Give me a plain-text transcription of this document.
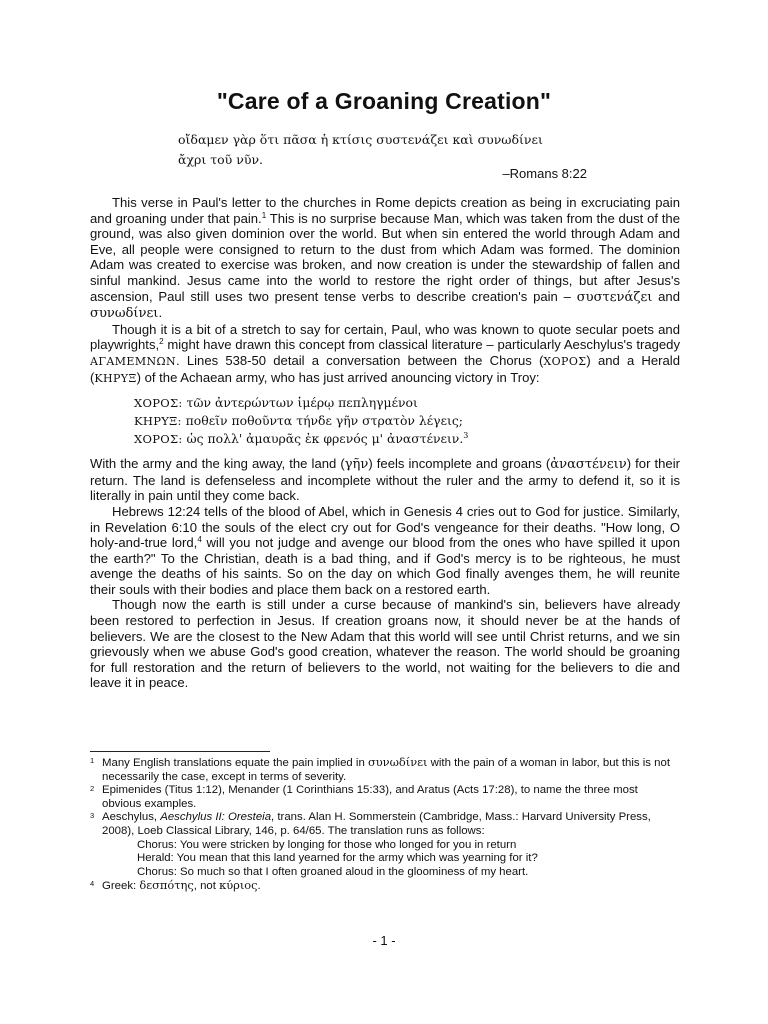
"Care of a Groaning Creation"
οἴδαμεν γὰρ ὅτι πᾶσα ἡ κτίσις συστενάζει καὶ συνωδίνει
ἄχρι τοῦ νῦν.
–Romans 8:22

This verse in Paul's letter to the churches in Rome depicts creation as being in excruciating pain and groaning under that pain.$^1$ This is no surprise because Man, which was taken from the dust of the ground, was also given dominion over the world. But when sin entered the world through Adam and Eve, all people were consigned to return to the dust from which Adam was formed. The dominion Adam was created to exercise was broken, and now creation is under the stewardship of fallen and sinful mankind. Jesus came into the world to restore the right order of things, but after Jesus's ascension, Paul still uses two present tense verbs to describe creation's pain – συστενάζει and συνωδίνει.

Though it is a bit of a stretch to say for certain, Paul, who was known to quote secular poets and playwrights,$^2$ might have drawn this concept from classical literature – particularly Aeschylus's tragedy ΑΓΑΜΕΜΝΩΝ. Lines 538-50 detail a conversation between the Chorus (ΧΟΡΟΣ) and a Herald (ΚΗΡΥΞ) of the Achaean army, who has just arrived anouncing victory in Troy:

ΧΟΡΟΣ: τῶν ἀντερώντων ἱμέρῳ πεπληγμένοι
ΚΗΡΥΞ: ποθεῖν ποθοῦντα τήνδε γῆν στρατὸν λέγεις;
ΧΟΡΟΣ: ὡς πολλ' ἀμαυρᾶς ἐκ φρενός μ' ἀναστένειν.$^3$

With the army and the king away, the land (γῆν) feels incomplete and groans (ἀναστένειν) for their return. The land is defenseless and incomplete without the ruler and the army to defend it, so it is literally in pain until they come back.

Hebrews 12:24 tells of the blood of Abel, which in Genesis 4 cries out to God for justice. Similarly, in Revelation 6:10 the souls of the elect cry out for God's vengeance for their deaths. "How long, O holy-and-true lord,$^4$ will you not judge and avenge our blood from the ones who have spilled it upon the earth?" To the Christian, death is a bad thing, and if God's mercy is to be righteous, he must avenge the deaths of his saints. So on the day on which God finally avenges them, he will reunite their souls with their bodies and place them back on a restored earth.

Though now the earth is still under a curse because of mankind's sin, believers have already been restored to perfection in Jesus. If creation groans now, it should never be at the hands of believers. We are the closest to the New Adam that this world will see until Christ returns, and we sin grievously when we abuse God's good creation, whatever the reason. The world should be groaning for full restoration and the return of believers to the world, not waiting for the believers to die and leave it in peace.

1 Many English translations equate the pain implied in συνωδίνει with the pain of a woman in labor, but this is not necessarily the case, except in terms of severity.
2 Epimenides (Titus 1:12), Menander (1 Corinthians 15:33), and Aratus (Acts 17:28), to name the three most obvious examples.
3 Aeschylus, Aeschylus II: Oresteia, trans. Alan H. Sommerstein (Cambridge, Mass.: Harvard University Press, 2008), Loeb Classical Library, 146, p. 64/65. The translation runs as follows:
Chorus: You were stricken by longing for those who longed for you in return
Herald: You mean that this land yearned for the army which was yearning for it?
Chorus: So much so that I often groaned aloud in the gloominess of my heart.
4 Greek: δεσπότης, not κύριος.
- 1 -
